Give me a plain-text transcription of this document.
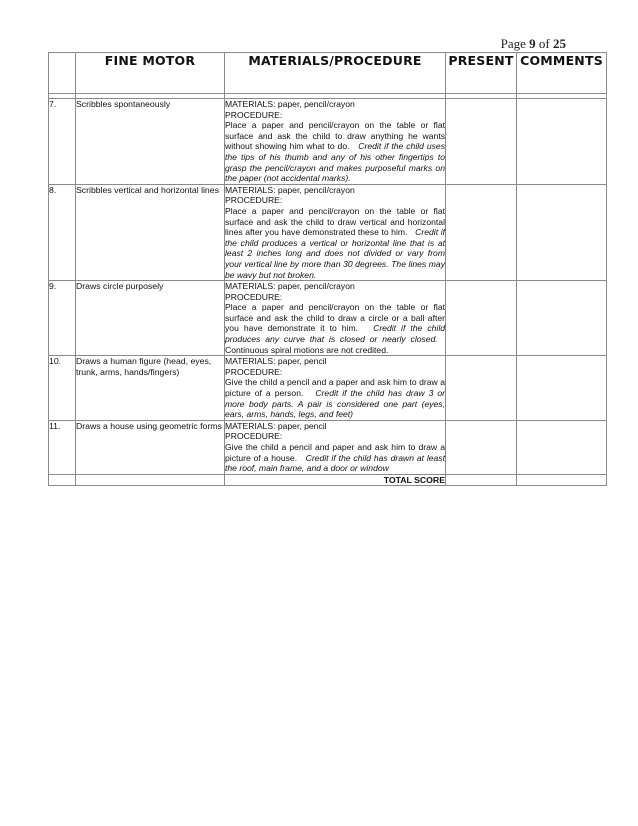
Page 9 of 25
	FINE MOTOR	MATERIALS/PROCEDURE	PRESENT	COMMENTS

7.	Scribbles spontaneously	MATERIALS: paper, pencil/crayon
PROCEDURE:
Place a paper and pencil/crayon on the table or flat surface and ask the child to draw anything he wants without showing him what to do.   Credit if the child uses the tips of his thumb and any of his other fingertips to grasp the pencil/crayon and makes purposeful marks on the paper (not accidental marks).		
8.	Scribbles vertical and horizontal lines	MATERIALS: paper, pencil/crayon
PROCEDURE:
Place a paper and pencil/crayon on the table or flat surface and ask the child to draw vertical and horizontal lines after you have demonstrated these to him.   Credit if the child produces a vertical or horizontal line that is at least 2 inches long and does not divided or vary from your vertical line by more than 30 degrees. The lines may be wavy but not broken.		
9.	Draws circle purposely	MATERIALS: paper, pencil/crayon
PROCEDURE:
Place a paper and pencil/crayon on the table or flat surface and ask the child to draw a circle or a ball after you have demonstrate it to him.   Credit if the child produces any curve that is closed or nearly closed.   Continuous spiral motions are not credited.		
10.	Draws a human figure (head, eyes, trunk, arms, hands/fingers)	MATERIALS: paper, pencil
PROCEDURE:
Give the child a pencil and a paper and ask him to draw a picture of a person.   Credit if the child has draw 3 or more body parts. A pair is considered one part (eyes, ears, arms, hands, legs, and feet)		
11.	Draws a house using geometric forms	MATERIALS: paper, pencil
PROCEDURE:
Give the child a pencil and paper and ask him to draw a picture of a house.   Credit if the child has drawn at least the roof, main frame, and a door or window		
		TOTAL SCORE		
